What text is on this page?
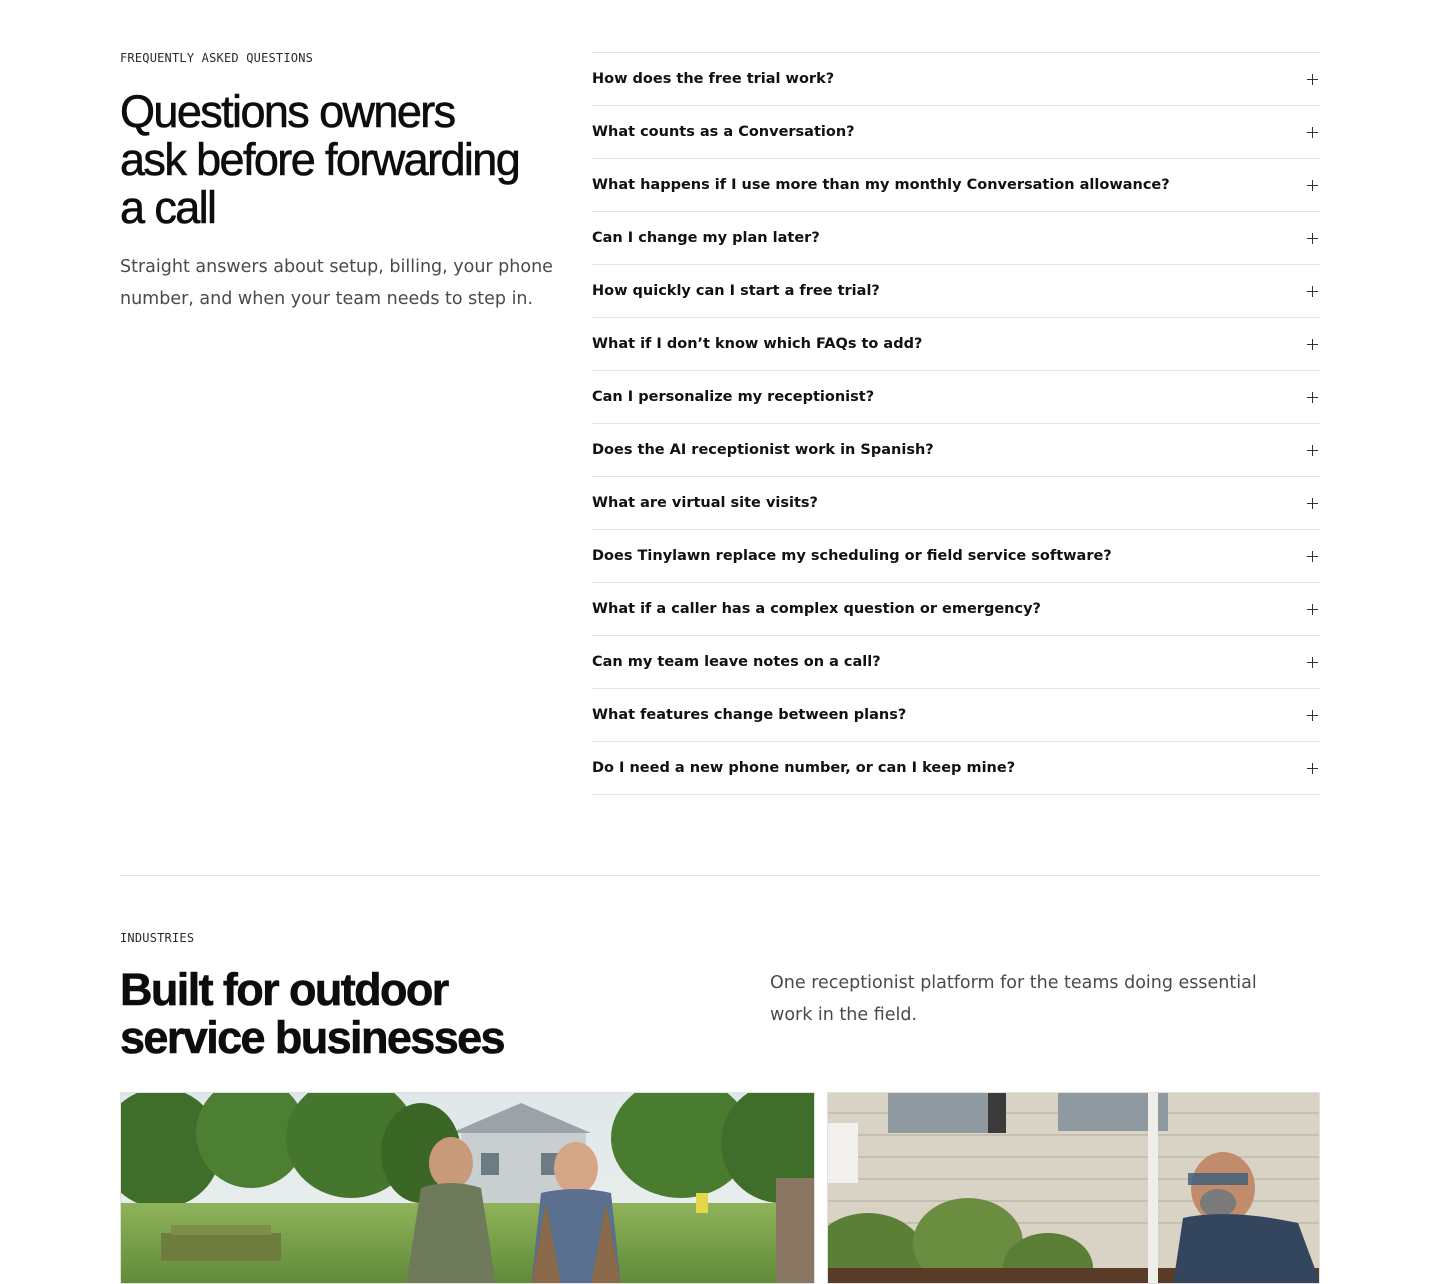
FREQUENTLY ASKED QUESTIONS
Questions owners ask before forwarding a call

Straight answers about setup, billing, your phone number, and when your team needs to step in.

How does the free trial work?
What counts as a Conversation?
What happens if I use more than my monthly Conversation allowance?
Can I change my plan later?
How quickly can I start a free trial?
What if I don’t know which FAQs to add?
Can I personalize my receptionist?
Does the AI receptionist work in Spanish?
What are virtual site visits?
Does Tinylawn replace my scheduling or field service software?
What if a caller has a complex question or emergency?
Can my team leave notes on a call?
What features change between plans?
Do I need a new phone number, or can I keep mine?
INDUSTRIES
Built for outdoor service businesses

One receptionist platform for the teams doing essential work in the field.
